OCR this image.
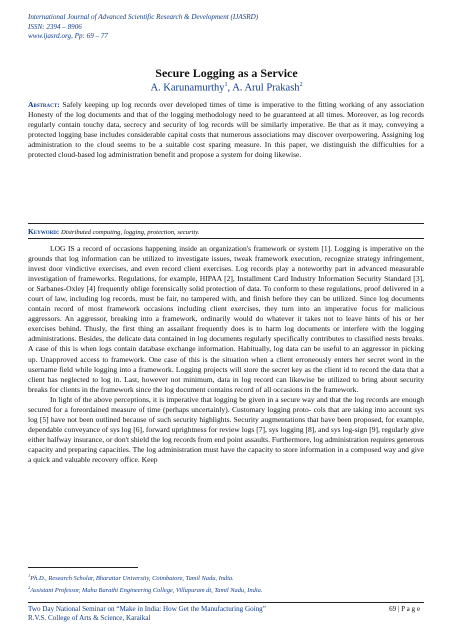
International Journal of Advanced Scientific Research & Development (IJASRD)
ISSN: 2394 – 8906
www.ijasrd.org, Pp: 69 – 77
Secure Logging as a Service
A. Karunamurthy$^1$, A. Arul Prakash$^2$
Abstract: Safely keeping up log records over developed times of time is imperative to the fitting working of any association Honesty of the log documents and that of the logging methodology need to be guaranteed at all times. Moreover, as log records regularly contain touchy data, secrecy and security of log records will be similarly imperative. Be that as it may, conveying a protected logging base includes considerable capital costs that numerous associations may discover overpowering. Assigning log administration to the cloud seems to be a suitable cost sparing measure. In this paper, we distinguish the difficulties for a protected cloud-based log administration benefit and propose a system for doing likewise.
Keyword: Distributed computing, logging, protection, security.

LOG IS a record of occasions happening inside an organization's framework or system [1]. Logging is imperative on the grounds that log information can be utilized to investigate issues, tweak framework execution, recognize strategy infringement, invest door vindictive exercises, and even record client exercises. Log records play a noteworthy part in advanced measurable investigation of frameworks. Regulations, for example, HIPAA [2], Installment Card Industry Information Security Standard [3], or Sarbanes-Oxley [4] frequently oblige forensically solid protection of data. To conform to these regulations, proof delivered in a court of law, including log records, must be fair, no tampered with, and finish before they can be utilized. Since log documents contain record of most framework occasions including client exercises, they turn into an imperative focus for malicious aggressors. An aggressor, breaking into a framework, ordinarily would do whatever it takes not to leave hints of his or her exercises behind. Thusly, the first thing an assailant frequently does is to harm log documents or interfere with the logging administrations. Besides, the delicate data contained in log documents regularly specifically contributes to classified nests breaks. A case of this is when logs contain database exchange information. Habitually, log data can be useful to an aggressor in picking up. Unapproved access to framework. One case of this is the situation when a client erroneously enters her secret word in the username field while logging into a framework. Logging projects will store the secret key as the client id to record the data that a client has neglected to log in. Last, however not minimum, data in log record can likewise be utilized to bring about security breaks for clients in the framework since the log document contains record of all occasions in the framework.

In light of the above perceptions, it is imperative that logging be given in a secure way and that the log records are enough secured for a foreordained measure of time (perhaps uncertainly). Customary logging proto- cols that are taking into account sys log [5] have not been outlined because of such security highlights. Security augmentations that have been proposed, for example, dependable conveyance of sys log [6], forward uprightness for review logs [7], sys logging [8], and sys log-sign [9], regularly give either halfway insurance, or don't shield the log records from end point assaults. Furthermore, log administration requires generous capacity and preparing capacities. The log administration must have the capacity to store information in a composed way and give a quick and valuable recovery office. Keep

$^1$Ph.D., Research Scholar, Bharatiar University, Coimbatore, Tamil Nadu, India.
$^2$Assistant Professor, Maha Barathi Engineering College, Villupuram dt, Tamil Nadu, India.
Two Day National Seminar on “Make in India: How Get the Manufacturing Going”
R.V.S. College of Arts & Science, Karaikal
69 | P a g e
